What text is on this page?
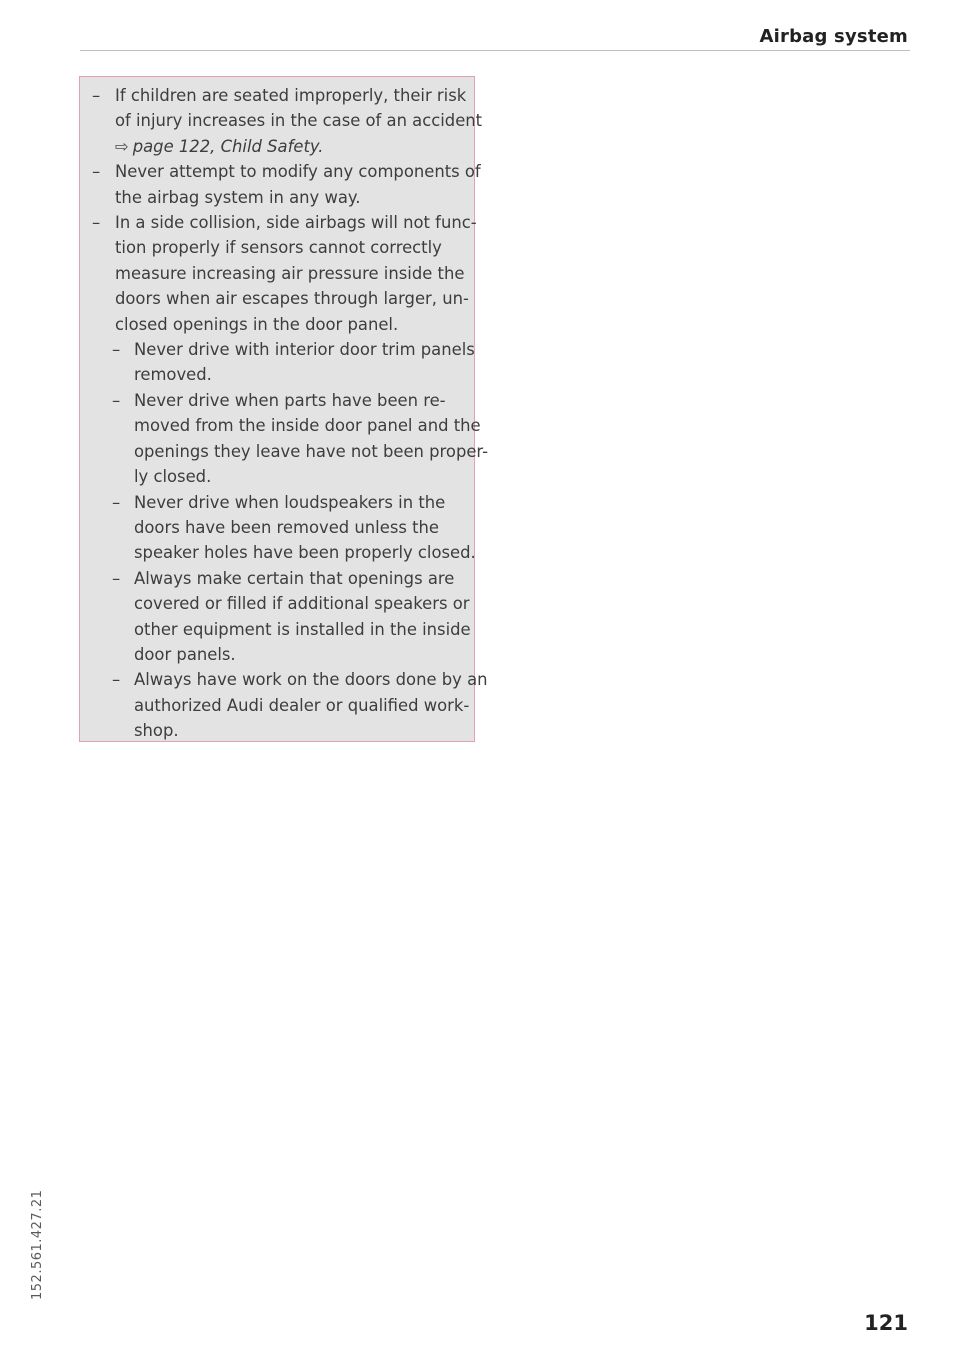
Airbag system
– If children are seated improperly, their risk
of injury increases in the case of an accident
⇨ page 122, Child Safety.
– Never attempt to modify any components of
the airbag system in any way.
– In a side collision, side airbags will not func-
tion properly if sensors cannot correctly
measure increasing air pressure inside the
doors when air escapes through larger, un-
closed openings in the door panel.
– Never drive with interior door trim panels
removed.
– Never drive when parts have been re-
moved from the inside door panel and the
openings they leave have not been proper-
ly closed.
– Never drive when loudspeakers in the
doors have been removed unless the
speaker holes have been properly closed.
– Always make certain that openings are
covered or filled if additional speakers or
other equipment is installed in the inside
door panels.
– Always have work on the doors done by an
authorized Audi dealer or qualified work-
shop.
152.561.427.21
121
